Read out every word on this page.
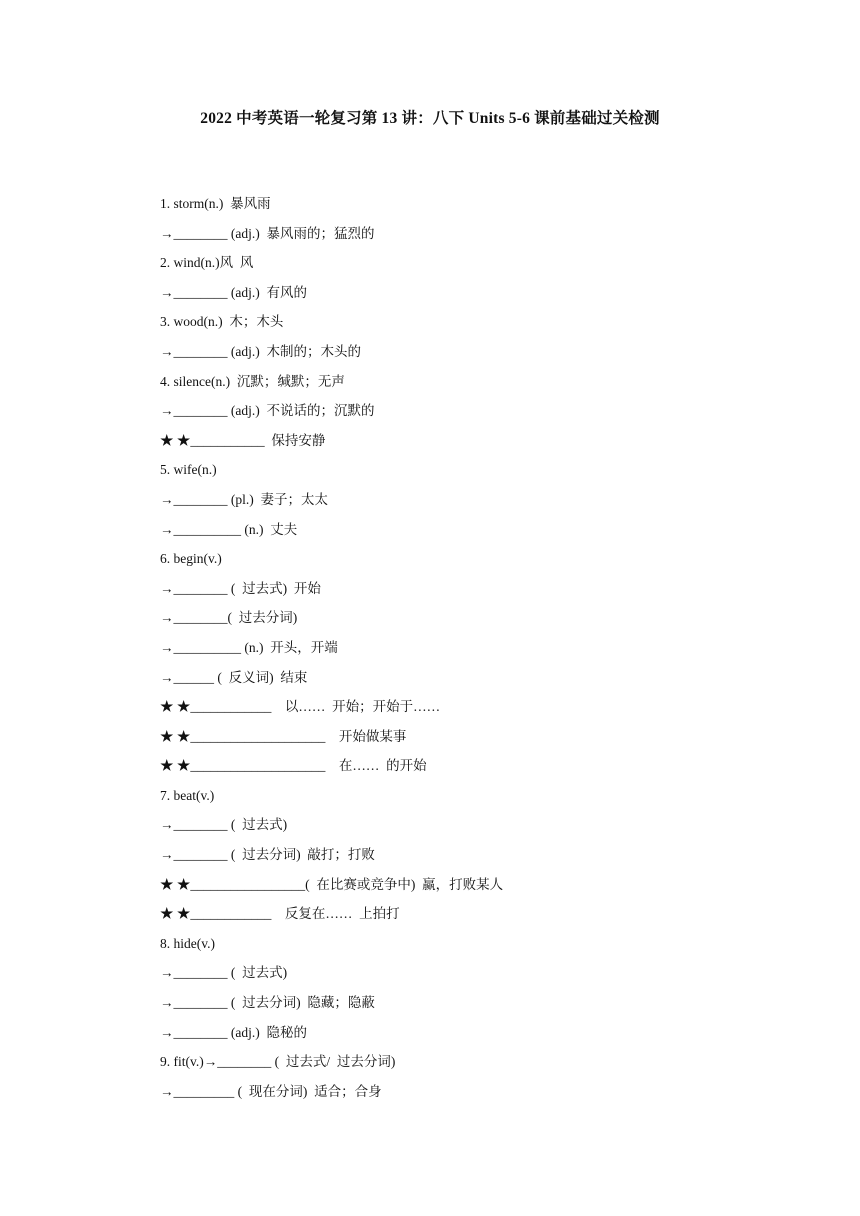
2022 中考英语一轮复习第 13 讲：八下 Units 5-6 课前基础过关检测
1. storm(n.)  暴风雨
→________ (adj.)  暴风雨的；猛烈的
2. wind(n.)风  风
→________ (adj.)  有风的
3. wood(n.)  木；木头
→________ (adj.)  木制的；木头的
4. silence(n.)  沉默；缄默；无声
→________ (adj.)  不说话的；沉默的
★ ★___________  保持安静
5. wife(n.)
→________ (pl.)  妻子；太太
→__________ (n.)  丈夫
6. begin(v.)
→________ (  过去式)  开始
→________(  过去分词)
→__________ (n.)  开头，开端
→______ (  反义词)  结束
★ ★____________    以……  开始；开始于……
★ ★____________________    开始做某事
★ ★____________________    在……  的开始
7. beat(v.)
→________ (  过去式)
→________ (  过去分词)  敲打；打败
★ ★_________________(  在比赛或竞争中)  赢，打败某人
★ ★____________    反复在……  上拍打
8. hide(v.)
→________ (  过去式)
→________ (  过去分词)  隐藏；隐蔽
→________ (adj.)  隐秘的
9. fit(v.)→________ (  过去式/  过去分词)
→_________ (  现在分词)  适合；合身
